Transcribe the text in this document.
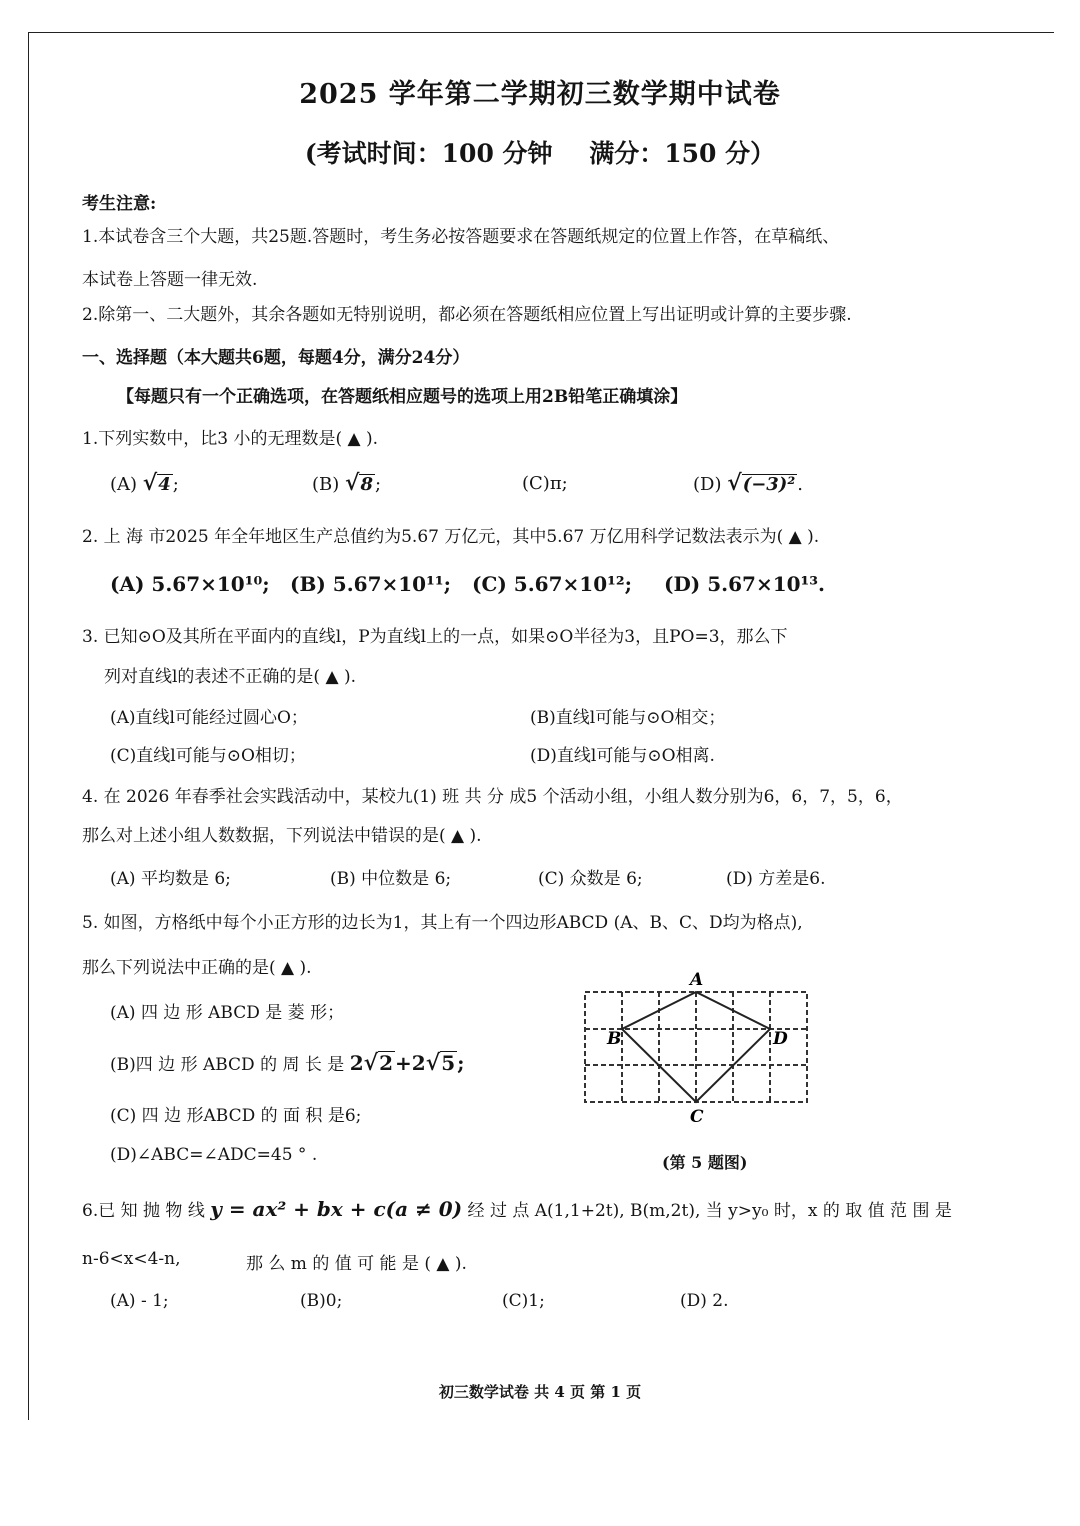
2025 学年第二学期初三数学期中试卷
(考试时间：100 分钟 满分：150 分）
考生注意:
1.本试卷含三个大题，共25题.答题时，考生务必按答题要求在答题纸规定的位置上作答，在草稿纸、
本试卷上答题一律无效.
2.除第一、二大题外，其余各题如无特别说明，都必须在答题纸相应位置上写出证明或计算的主要步骤.
一、选择题（本大题共6题，每题4分，满分24分）
【每题只有一个正确选项，在答题纸相应题号的选项上用2B铅笔正确填涂】
1.下列实数中，比3 小的无理数是( ▲ ).
(A) √4 ;	(B) √8 ;	(C)π;	(D) √(−3)² .
2. 上 海 市2025 年全年地区生产总值约为5.67 万亿元，其中5.67 万亿用科学记数法表示为( ▲ ).
(A) 5.67×10¹⁰; (B) 5.67×10¹¹; (C) 5.67×10¹²; (D) 5.67×10¹³.
3. 已知⊙O及其所在平面内的直线l，P为直线l上的一点，如果⊙O半径为3，且PO=3，那么下
列对直线l的表述不正确的是( ▲ ).
(A)直线l可能经过圆心O；	(B)直线l可能与⊙O相交；
(C)直线l可能与⊙O相切；	(D)直线l可能与⊙O相离.
4. 在 2026 年春季社会实践活动中，某校九(1) 班 共 分 成5 个活动小组，小组人数分别为6，6，7，5，6，
那么对上述小组人数数据，下列说法中错误的是( ▲ ).
(A) 平均数是 6;	(B) 中位数是 6;	(C) 众数是 6;	(D) 方差是6.
5. 如图，方格纸中每个小正方形的边长为1，其上有一个四边形ABCD (A、B、C、D均为格点),
那么下列说法中正确的是( ▲ ).
(A) 四 边 形 ABCD 是 菱 形；
(B)四 边 形 ABCD 的 周 长 是 2√2 +2√5 ;
(C) 四 边 形ABCD 的 面 积 是6;
(D)∠ABC=∠ADC=45 ° .
A
B
C
D
(第 5 题图)
6.已 知 抛 物 线 y = ax² + bx + c(a ≠ 0) 经 过 点 A(1,1+2t), B(m,2t), 当 y>y₀ 时，x 的 取 值 范 围 是
n-6<x<4-n,	那 么 m 的 值 可 能 是 ( ▲ ).
(A) - 1;	(B)0;	(C)1;	(D) 2.
初三数学试卷 共 4 页 第 1 页
